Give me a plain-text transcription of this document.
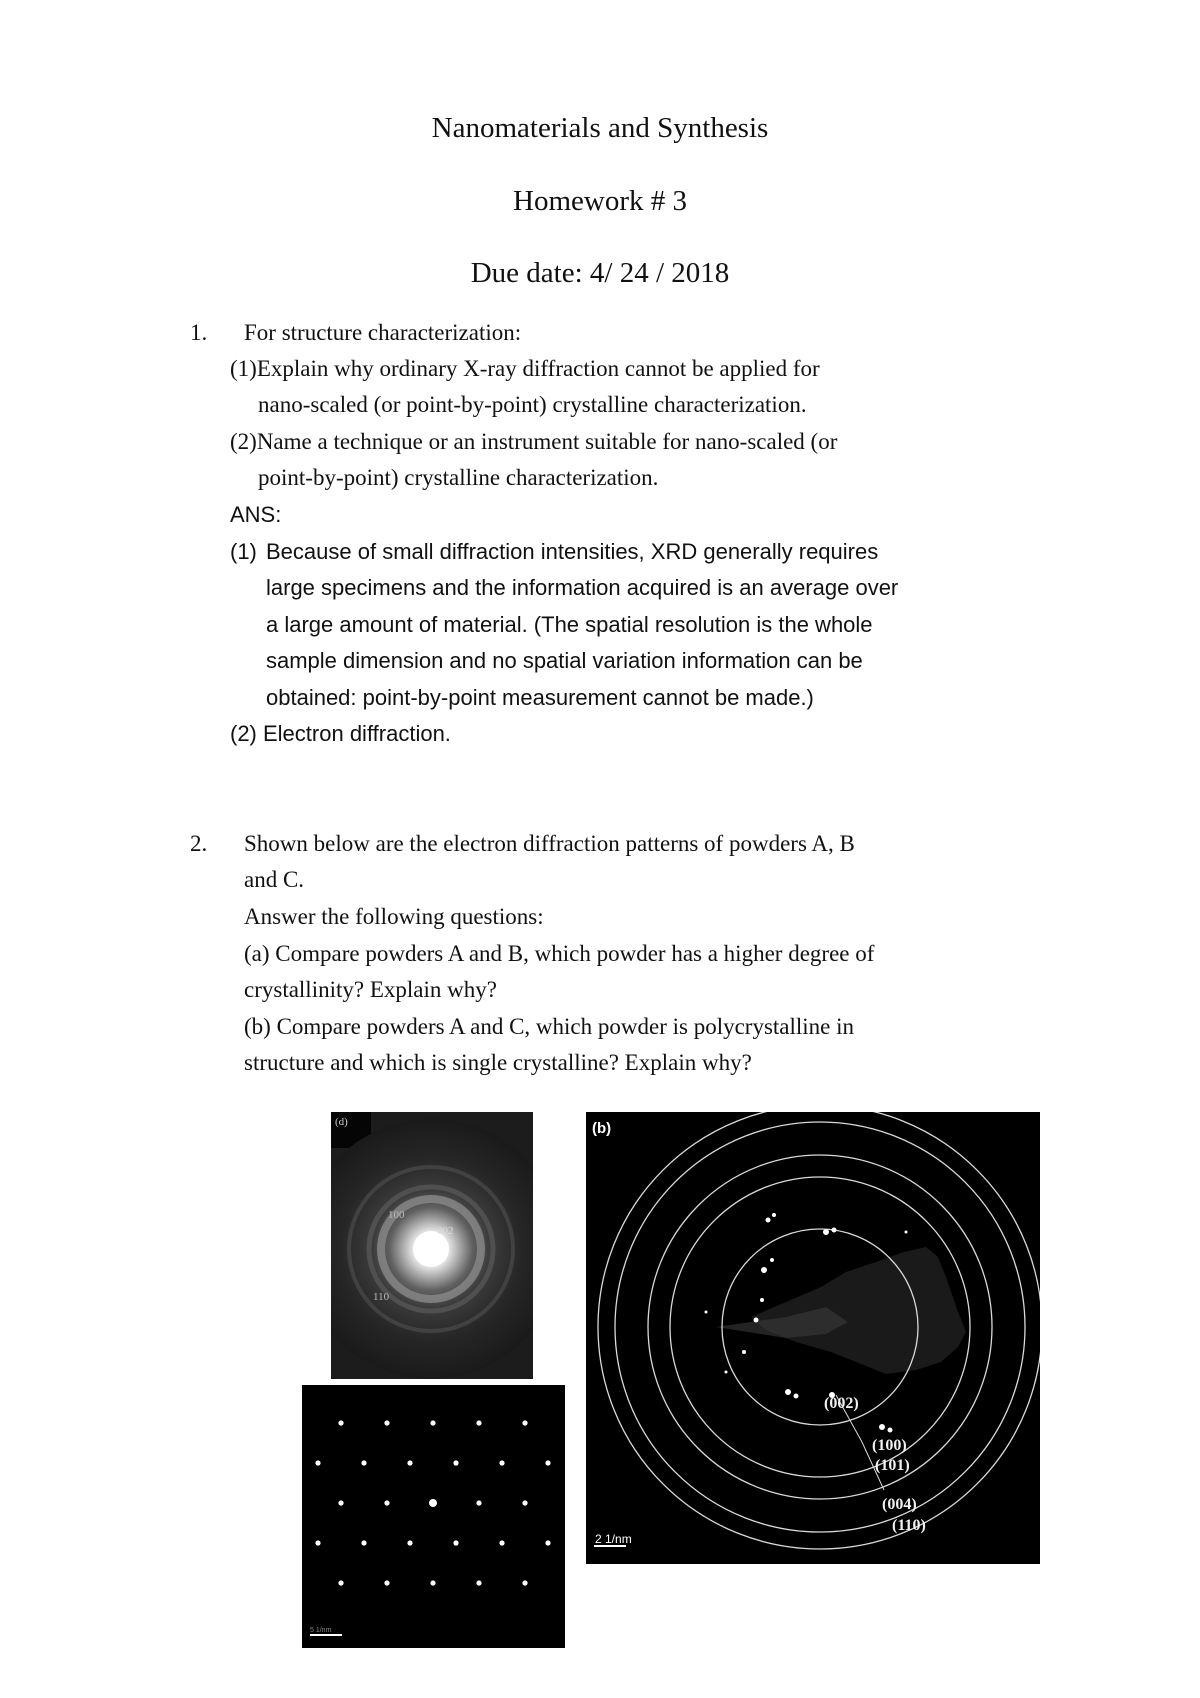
Nanomaterials and Synthesis
Homework # 3
Due date: 4/ 24 / 2018
1. For structure characterization:
(1)Explain why ordinary X-ray diffraction cannot be applied for
nano-scaled (or point-by-point) crystalline characterization.
(2)Name a technique or an instrument suitable for nano-scaled (or
point-by-point) crystalline characterization.
ANS:
(1) Because of small diffraction intensities, XRD generally requires
large specimens and the information acquired is an average over
a large amount of material. (The spatial resolution is the whole
sample dimension and no spatial variation information can be
obtained: point-by-point measurement cannot be made.)
(2) Electron diffraction.
2. Shown below are the electron diffraction patterns of powders A, B
and C.
Answer the following questions:
(a) Compare powders A and B, which powder has a higher degree of
crystallinity? Explain why?
(b) Compare powders A and C, which powder is polycrystalline in
structure and which is single crystalline? Explain why?
(d)
100
002
110
5 1/nm
(002)
(100)
(101)
(004)
(110)
(b)
2 1/nm
